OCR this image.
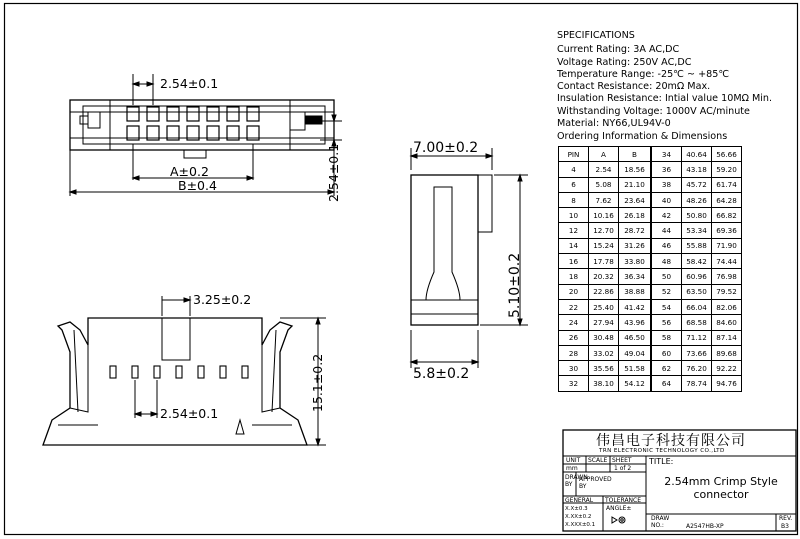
2.54±0.1
A±0.2
B±0.4	2.54±0.1	7.00±0.2
5.10±0.2
5.8±0.2
3.25±0.2
2.54±0.1
15.1±0.2
SPECIFICATIONS
Current Rating: 3A AC,DC
Voltage Rating: 250V AC,DC
Temperature Range: -25℃ ~ +85℃
Contact Resistance: 20mΩ Max.
Insulation Resistance: Intial value 10MΩ Min.
Withstanding Voltage: 1000V AC/minute
Material: NY66,UL94V-0
Ordering Information & Dimensions
PIN	A	B	34	40.64	56.66
4	2.54	18.56	36	43.18	59.20
6	5.08	21.10	38	45.72	61.74
8	7.62	23.64	40	48.26	64.28
10	10.16	26.18	42	50.80	66.82
12	12.70	28.72	44	53.34	69.36
14	15.24	31.26	46	55.88	71.90
16	17.78	33.80	48	58.42	74.44
18	20.32	36.34	50	60.96	76.98
20	22.86	38.88	52	63.50	79.52
22	25.40	41.42	54	66.04	82.06
24	27.94	43.96	56	68.58	84.60
26	30.48	46.50	58	71.12	87.14
28	33.02	49.04	60	73.66	89.68
30	35.56	51.58	62	76.20	92.22
32	38.10	54.12	64	78.74	94.76
伟昌电子科技有限公司
TRN ELECTRONIC TECHNOLOGY CO.,LTD
UNIT
mm
SCALE SHEET
1 of 2
TITLE:
DRAWN BY
APPROVED BY	2.54mm Crimp Style
connector
GENERAL TOLERANCE
X.X±0.3
X.XX±0.2
X.XXX±0.1
ANGLE±
DRAW NO.:	A2547HB-XP
REV.
B3
